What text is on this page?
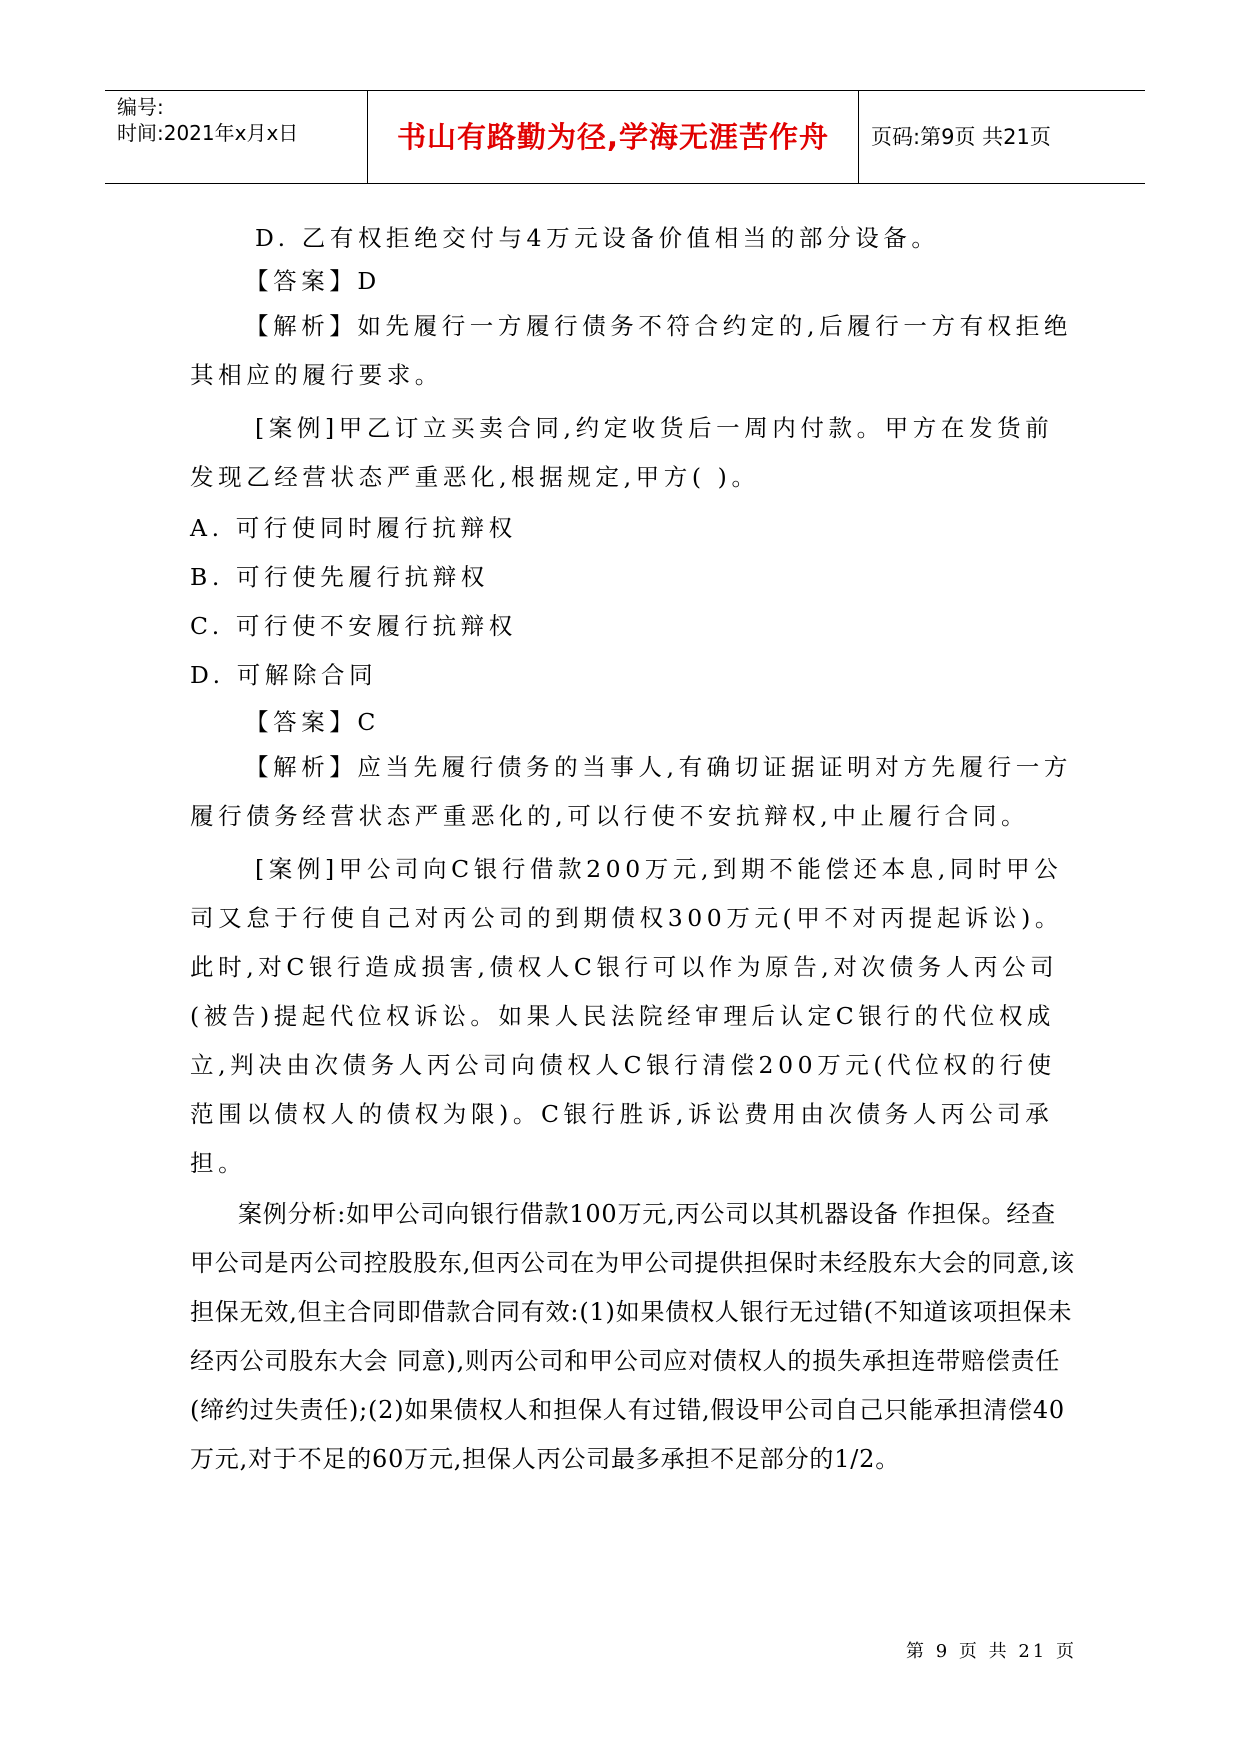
编号:
时间:2021年x月x日	书山有路勤为径,学海无涯苦作舟	页码:第9页 共21页

D. 乙有权拒绝交付与4万元设备价值相当的部分设备。

【答案】D

【解析】如先履行一方履行债务不符合约定的,后履行一方有权拒绝其相应的履行要求。

[案例]甲乙订立买卖合同,约定收货后一周内付款。甲方在发货前发现乙经营状态严重恶化,根据规定,甲方( )。

A. 可行使同时履行抗辩权

B. 可行使先履行抗辩权

C. 可行使不安履行抗辩权

D. 可解除合同

【答案】C

【解析】应当先履行债务的当事人,有确切证据证明对方先履行一方履行债务经营状态严重恶化的,可以行使不安抗辩权,中止履行合同。

[案例]甲公司向C银行借款200万元,到期不能偿还本息,同时甲公司又怠于行使自己对丙公司的到期债权300万元(甲不对丙提起诉讼)。此时,对C银行造成损害,债权人C银行可以作为原告,对次债务人丙公司(被告)提起代位权诉讼。如果人民法院经审理后认定C银行的代位权成立,判决由次债务人丙公司向债权人C银行清偿200万元(代位权的行使范围以债权人的债权为限)。C银行胜诉,诉讼费用由次债务人丙公司承担。

案例分析:如甲公司向银行借款100万元,丙公司以其机器设备 作担保。经查甲公司是丙公司控股股东,但丙公司在为甲公司提供担保时未经股东大会的同意,该担保无效,但主合同即借款合同有效:(1)如果债权人银行无过错(不知道该项担保未经丙公司股东大会 同意),则丙公司和甲公司应对债权人的损失承担连带赔偿责任(缔约过失责任);(2)如果债权人和担保人有过错,假设甲公司自己只能承担清偿40万元,对于不足的60万元,担保人丙公司最多承担不足部分的1/2。

第 9 页 共 21 页
